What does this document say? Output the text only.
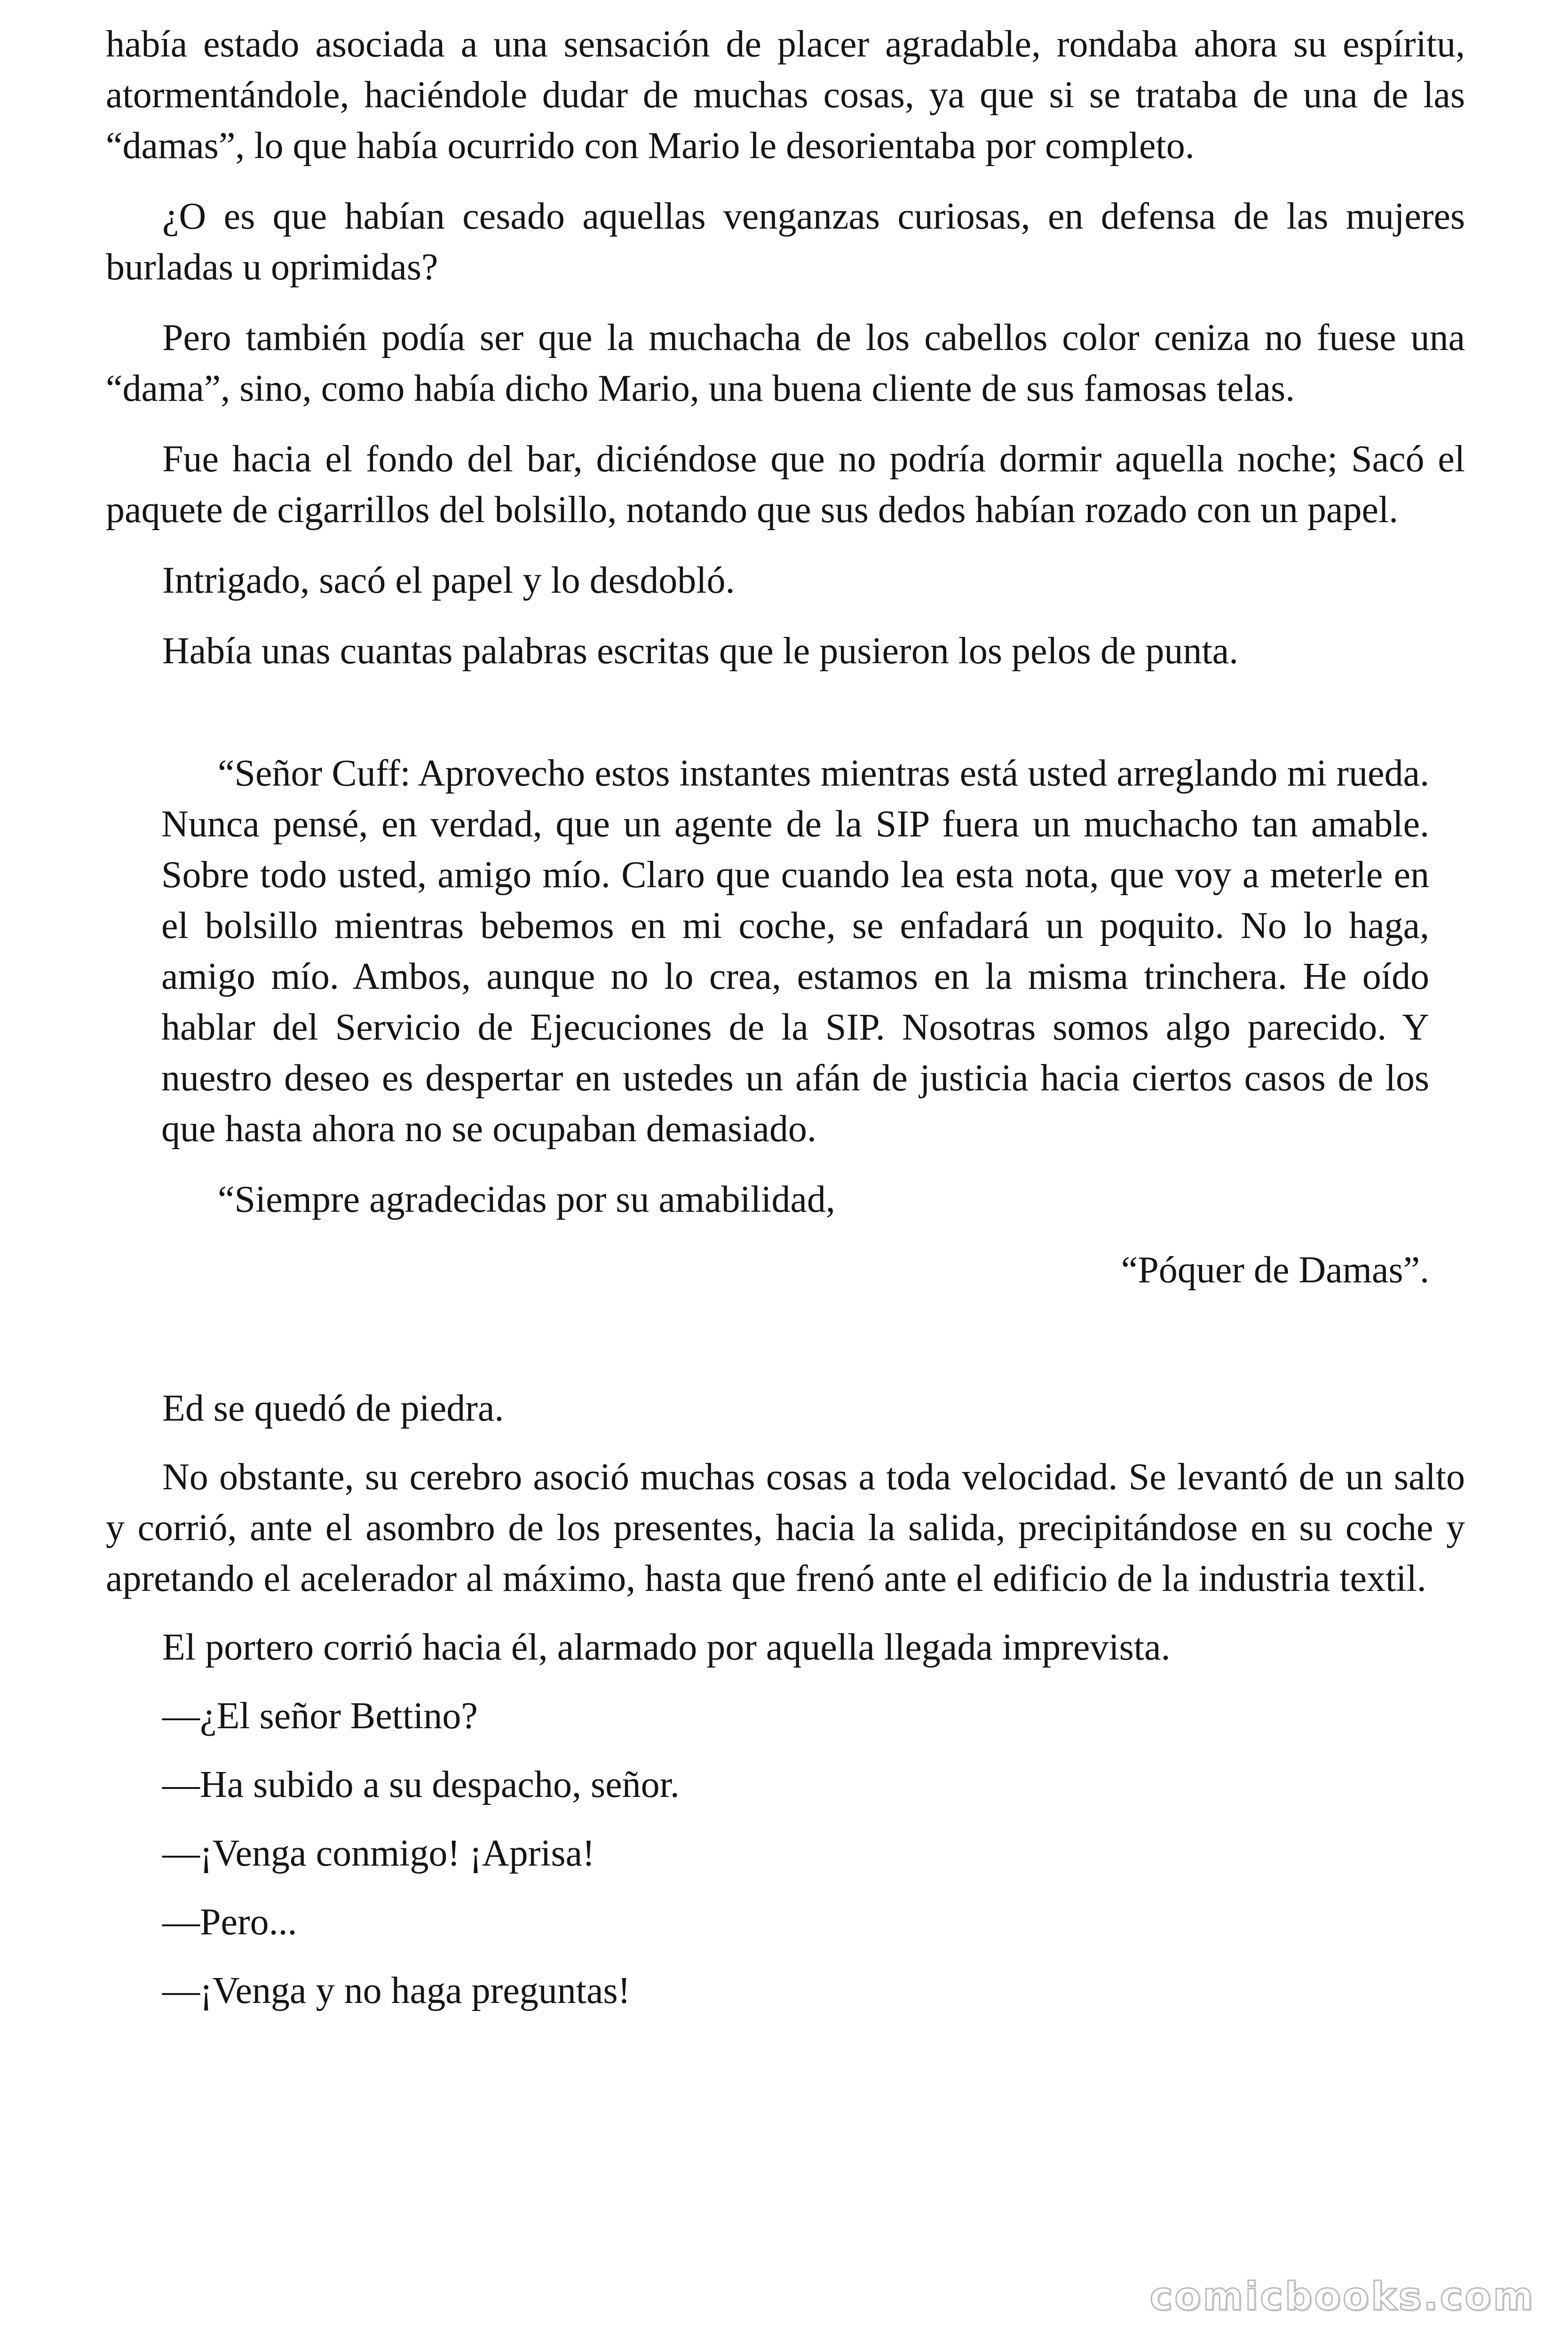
había estado asociada a una sensación de placer agradable, rondaba ahora su espíritu, atormentándole, haciéndole dudar de muchas cosas, ya que si se trataba de una de las “damas”, lo que había ocurrido con Mario le desorientaba por completo.

¿O es que habían cesado aquellas venganzas curiosas, en defensa de las mujeres burladas u oprimidas?

Pero también podía ser que la muchacha de los cabellos color ceniza no fuese una “dama”, sino, como había dicho Mario, una buena cliente de sus famosas telas.

Fue hacia el fondo del bar, diciéndose que no podría dormir aquella noche; Sacó el paquete de cigarrillos del bolsillo, notando que sus dedos habían rozado con un papel.

Intrigado, sacó el papel y lo desdobló.

Había unas cuantas palabras escritas que le pusieron los pelos de punta.

“Señor Cuff: Aprovecho estos instantes mientras está usted arreglando mi rueda. Nunca pensé, en verdad, que un agente de la SIP fuera un muchacho tan amable. Sobre todo usted, amigo mío. Claro que cuando lea esta nota, que voy a meterle en el bolsillo mientras bebemos en mi coche, se enfadará un poquito. No lo haga, amigo mío. Ambos, aunque no lo crea, estamos en la misma trinchera. He oído hablar del Servicio de Ejecuciones de la SIP. Nosotras somos algo parecido. Y nuestro deseo es despertar en ustedes un afán de justicia hacia ciertos casos de los que hasta ahora no se ocupaban demasiado.

“Siempre agradecidas por su amabilidad,

“Póquer de Damas”.

Ed se quedó de piedra.

No obstante, su cerebro asoció muchas cosas a toda velocidad. Se levantó de un salto y corrió, ante el asombro de los presentes, hacia la salida, precipitándose en su coche y apretando el acelerador al máximo, hasta que frenó ante el edificio de la industria textil.

El portero corrió hacia él, alarmado por aquella llegada imprevista.

—¿El señor Bettino?

—Ha subido a su despacho, señor.

—¡Venga conmigo! ¡Aprisa!

—Pero...

—¡Venga y no haga preguntas!

comicbooks.com
